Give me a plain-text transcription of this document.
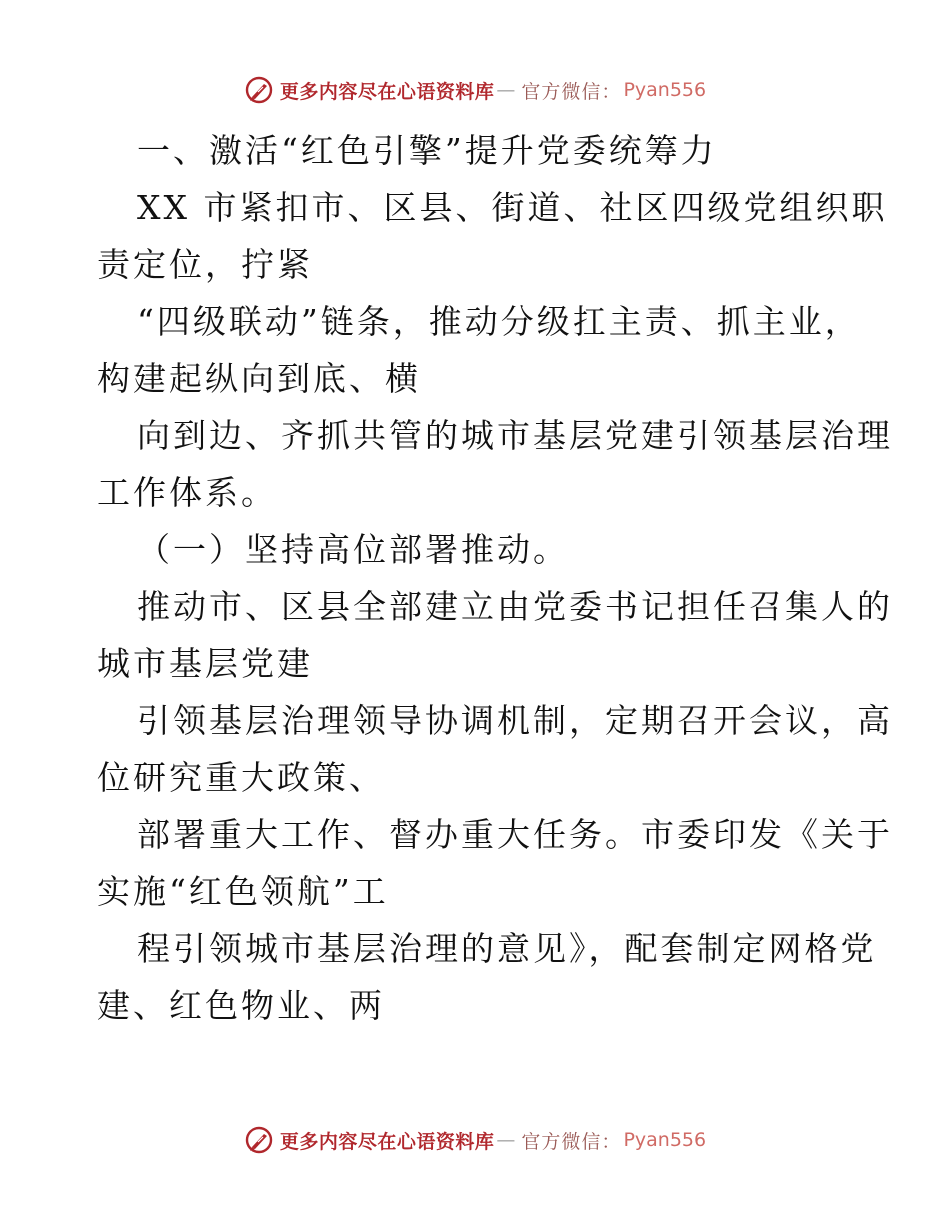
更多内容尽在心语资料库 — 官方微信： Pyan556
一、激活“红色引擎”提升党委统筹力
XX 市紧扣市、区县、街道、社区四级党组织职
责定位，拧紧
“四级联动”链条，推动分级扛主责、抓主业，
构建起纵向到底、横
向到边、齐抓共管的城市基层党建引领基层治理
工作体系。
（一）坚持高位部署推动。
推动市、区县全部建立由党委书记担任召集人的
城市基层党建
引领基层治理领导协调机制，定期召开会议，高
位研究重大政策、
部署重大工作、督办重大任务。市委印发《关于
实施“红色领航”工
程引领城市基层治理的意见》，配套制定网格党
建、红色物业、两
更多内容尽在心语资料库 — 官方微信： Pyan556
